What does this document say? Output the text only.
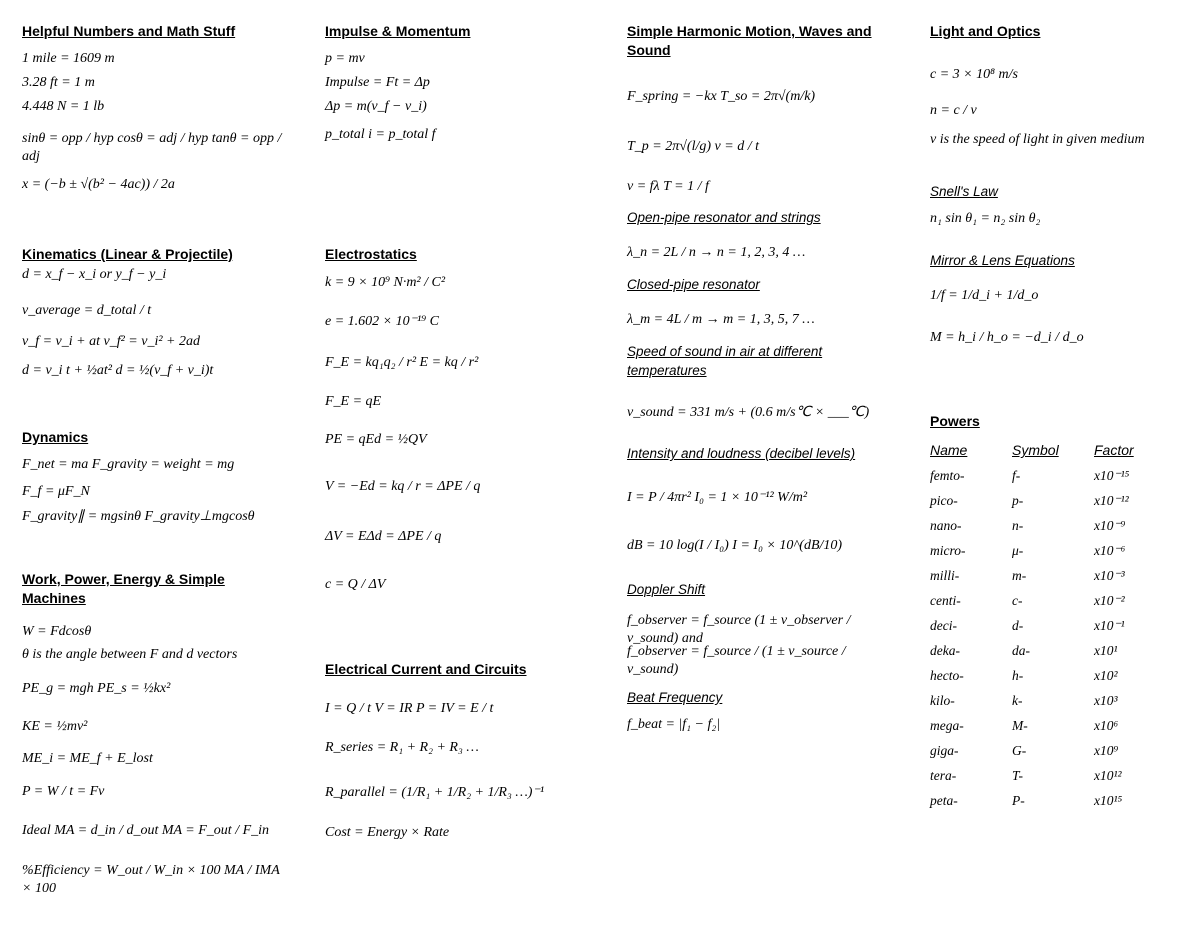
Helpful Numbers and Math Stuff
1 mile = 1609 m
3.28 ft = 1 m
4.448 N = 1 lb
sinθ = opp / hyp cosθ = adj / hyp tanθ = opp / adj
x = (−b ± √(b² − 4ac)) / 2a
Kinematics (Linear & Projectile)
d = x_f − x_i or y_f − y_i
v_average = d_total / t
v_f = v_i + at v_f² = v_i² + 2ad
d = v_i t + ½at² d = ½(v_f + v_i)t
Dynamics
F_net = ma F_gravity = weight = mg
F_f = μF_N
F_gravity∥ = mgsinθ F_gravity⊥mgcosθ
Work, Power, Energy & Simple Machines
W = Fdcosθ
θ is the angle between F and d vectors
PE_g = mgh PE_s = ½kx²
KE = ½mv²
ME_i = ME_f + E_lost
P = W / t = Fv
Ideal MA = d_in / d_out MA = F_out / F_in
%Efficiency = W_out / W_in × 100 MA / IMA × 100
Impulse & Momentum
p = mv
Impulse = Ft = Δp
Δp = m(v_f − v_i)
p_total i = p_total f
Electrostatics
k = 9 × 10⁹ N·m² / C²
e = 1.602 × 10⁻¹⁹ C
F_E = kq₁q₂ / r² E = kq / r²
F_E = qE
PE = qEd = ½QV
V = −Ed = kq / r = ΔPE / q
ΔV = EΔd = ΔPE / q
c = Q / ΔV
Electrical Current and Circuits
I = Q / t V = IR P = IV = E / t
R_series = R₁ + R₂ + R₃ …
R_parallel = (1/R₁ + 1/R₂ + 1/R₃ …)⁻¹
Cost = Energy × Rate
Simple Harmonic Motion, Waves and Sound
F_spring = −kx T_so = 2π√(m/k)
T_p = 2π√(l/g) v = d / t
v = fλ T = 1 / f
Open-pipe resonator and strings
λ_n = 2L / n → n = 1, 2, 3, 4 …
Closed-pipe resonator
λ_m = 4L / m → m = 1, 3, 5, 7 …
Speed of sound in air at different temperatures
v_sound = 331 m/s + (0.6 m/s℃ × ___℃)
Intensity and loudness (decibel levels)
I = P / 4πr² I₀ = 1 × 10⁻¹² W/m²
dB = 10 log(I / I₀) I = I₀ × 10^(dB/10)
Doppler Shift
f_observer = f_source (1 ± v_observer / v_sound) and
f_observer = f_source / (1 ± v_source / v_sound)
Beat Frequency
f_beat = |f₁ − f₂|
Light and Optics
c = 3 × 10⁸ m/s
n = c / v
v is the speed of light in given medium
Snell's Law
n₁ sin θ₁ = n₂ sin θ₂
Mirror & Lens Equations
1/f = 1/d_i + 1/d_o
M = h_i / h_o = −d_i / d_o
Powers
Name	Symbol	Factor
femto-	f-	x10⁻¹⁵
pico-	p-	x10⁻¹²
nano-	n-	x10⁻⁹
micro-	μ-	x10⁻⁶
milli-	m-	x10⁻³
centi-	c-	x10⁻²
deci-	d-	x10⁻¹
deka-	da-	x10¹
hecto-	h-	x10²
kilo-	k-	x10³
mega-	M-	x10⁶
giga-	G-	x10⁹
tera-	T-	x10¹²
peta-	P-	x10¹⁵
